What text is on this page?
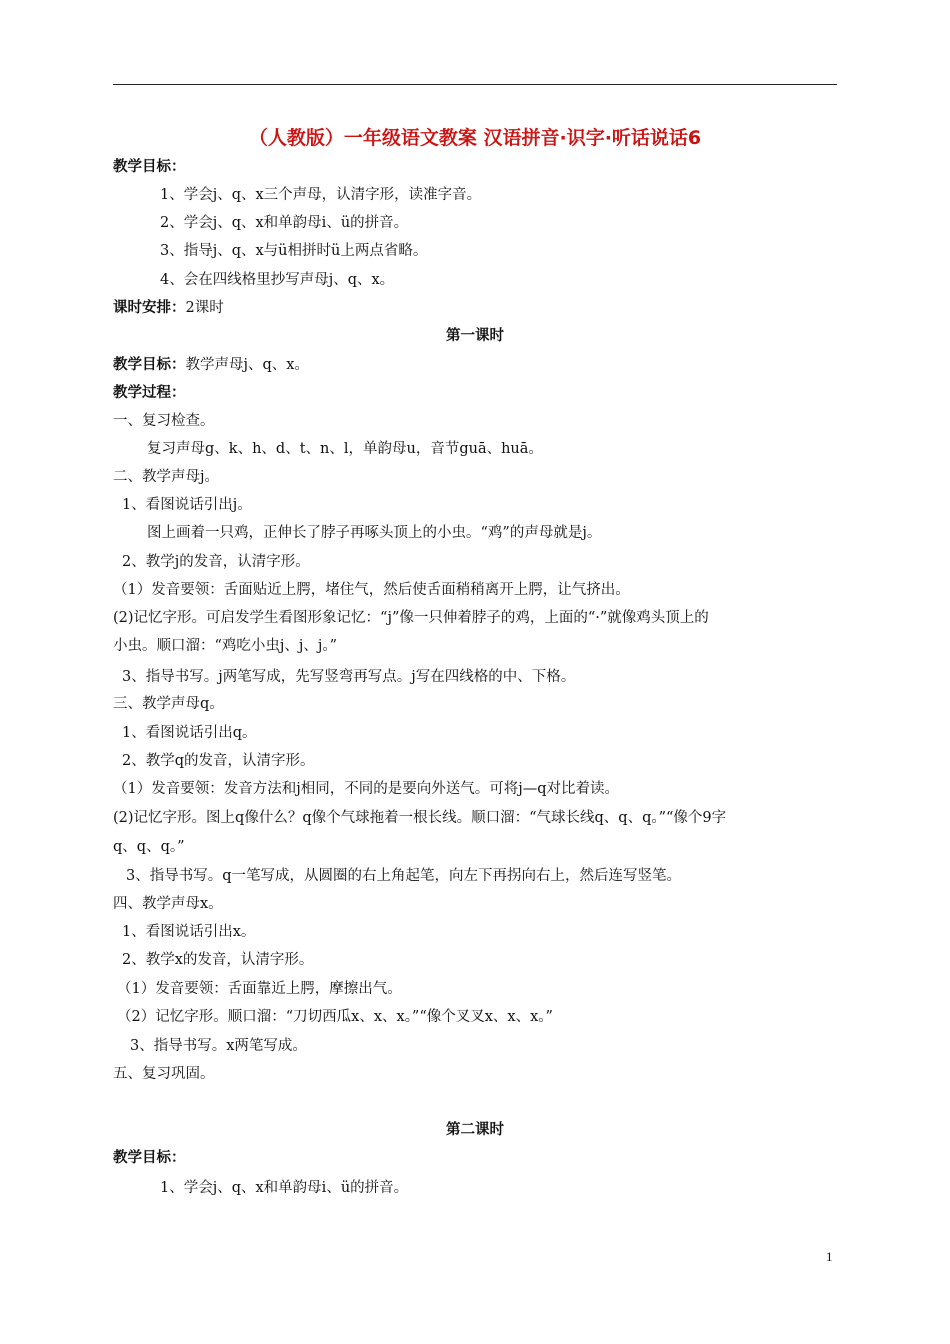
（人教版）一年级语文教案 汉语拼音·识字·听话说话6
教学目标：
1、学会j、q、x三个声母，认清字形，读准字音。
2、学会j、q、x和单韵母i、ü的拼音。
3、指导j、q、x与ü相拼时ü上两点省略。
4、会在四线格里抄写声母j、q、x。
课时安排：2课时
第一课时
教学目标：教学声母j、q、x。
教学过程：
一、复习检查。
复习声母g、k、h、d、t、n、l，单韵母u，音节guā、huā。
二、教学声母j。
1、看图说话引出j。
图上画着一只鸡，正伸长了脖子再啄头顶上的小虫。“鸡”的声母就是j。
2、教学j的发音，认清字形。
（1）发音要领：舌面贴近上腭，堵住气，然后使舌面稍稍离开上腭，让气挤出。
(2)记忆字形。可启发学生看图形象记忆：“j”像一只伸着脖子的鸡，上面的“·”就像鸡头顶上的
小虫。顺口溜：“鸡吃小虫j、j、j。”
3、指导书写。j两笔写成，先写竖弯再写点。j写在四线格的中、下格。
三、教学声母q。
1、看图说话引出q。
2、教学q的发音，认清字形。
（1）发音要领：发音方法和j相同，不同的是要向外送气。可将j—q对比着读。
(2)记忆字形。图上q像什么？q像个气球拖着一根长线。顺口溜：“气球长线q、q、q。”“像个9字
q、q、q。”
3、指导书写。q一笔写成，从圆圈的右上角起笔，向左下再拐向右上，然后连写竖笔。
四、教学声母x。
1、看图说话引出x。
2、教学x的发音，认清字形。
（1）发音要领：舌面靠近上腭，摩擦出气。
（2）记忆字形。顺口溜：“刀切西瓜x、x、x。”“像个叉叉x、x、x。”
3、指导书写。x两笔写成。
五、复习巩固。
第二课时
教学目标：
1、学会j、q、x和单韵母i、ü的拼音。
1
